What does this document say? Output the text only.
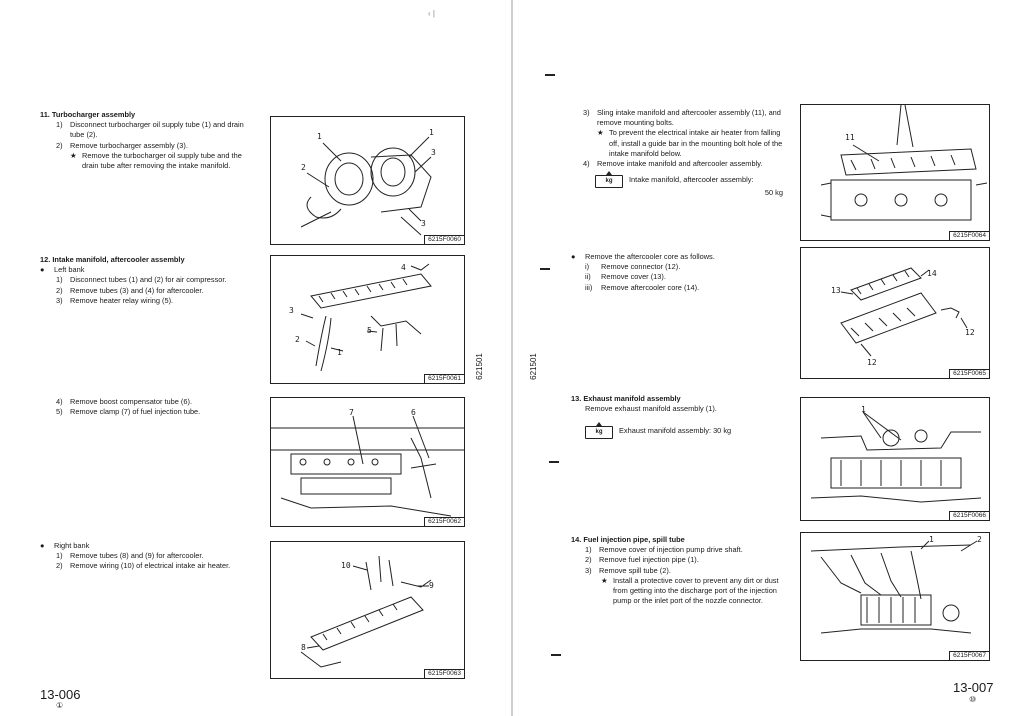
‹ |
11. Turbocharger assembly
1)	Disconnect turbocharger oil supply tube (1) and drain tube (2).
2)	Remove turbocharger assembly (3).
★ Remove the turbocharger oil supply tube and the drain tube after removing the intake manifold.
1	1
2
3
3
6215F0060
12. Intake manifold, aftercooler assembly
●	Left bank
1)	Disconnect tubes (1) and (2) for air compressor.
2)	Remove tubes (3) and (4) for aftercooler.
3)	Remove heater relay wiring (5).
4
3
5
2
1
6215F0061
4)	Remove boost compensator tube (6).
5)	Remove clamp (7) of fuel injection tube.	7	6
6215F0062
●	Right bank
1)	Remove tubes (8) and (9) for aftercooler.
2)	Remove wiring (10) of electrical intake air heater.	10
9
8
6215F0063
621501
13-006
①
3)	Sling intake manifold and aftercooler assembly (11), and remove mounting bolts.
★ To prevent the electrical intake air heater from falling off, install a guide bar in the mounting bolt hole of the intake manifold below.
4)	Remove intake manifold and aftercooler assembly.
kg	Intake manifold, aftercooler assembly:
50 kg
11
6215F0064
●	Remove the aftercooler core as follows.
i)	Remove connector (12).
ii)	Remove cover (13).
iii)	Remove aftercooler core (14).
14
13
12
12
6215F0065
13. Exhaust manifold assembly
Remove exhaust manifold assembly (1).
kg	Exhaust manifold assembly: 30 kg
1
6215F0066
14. Fuel injection pipe, spill tube
1)	Remove cover of injection pump drive shaft.
2)	Remove fuel injection pipe (1).
3)	Remove spill tube (2).
★ Install a protective cover to prevent any dirt or dust from getting into the discharge port of the injection pump or the inlet port of the nozzle connector.
1	2
6215F0067
621501
13-007
⑩
